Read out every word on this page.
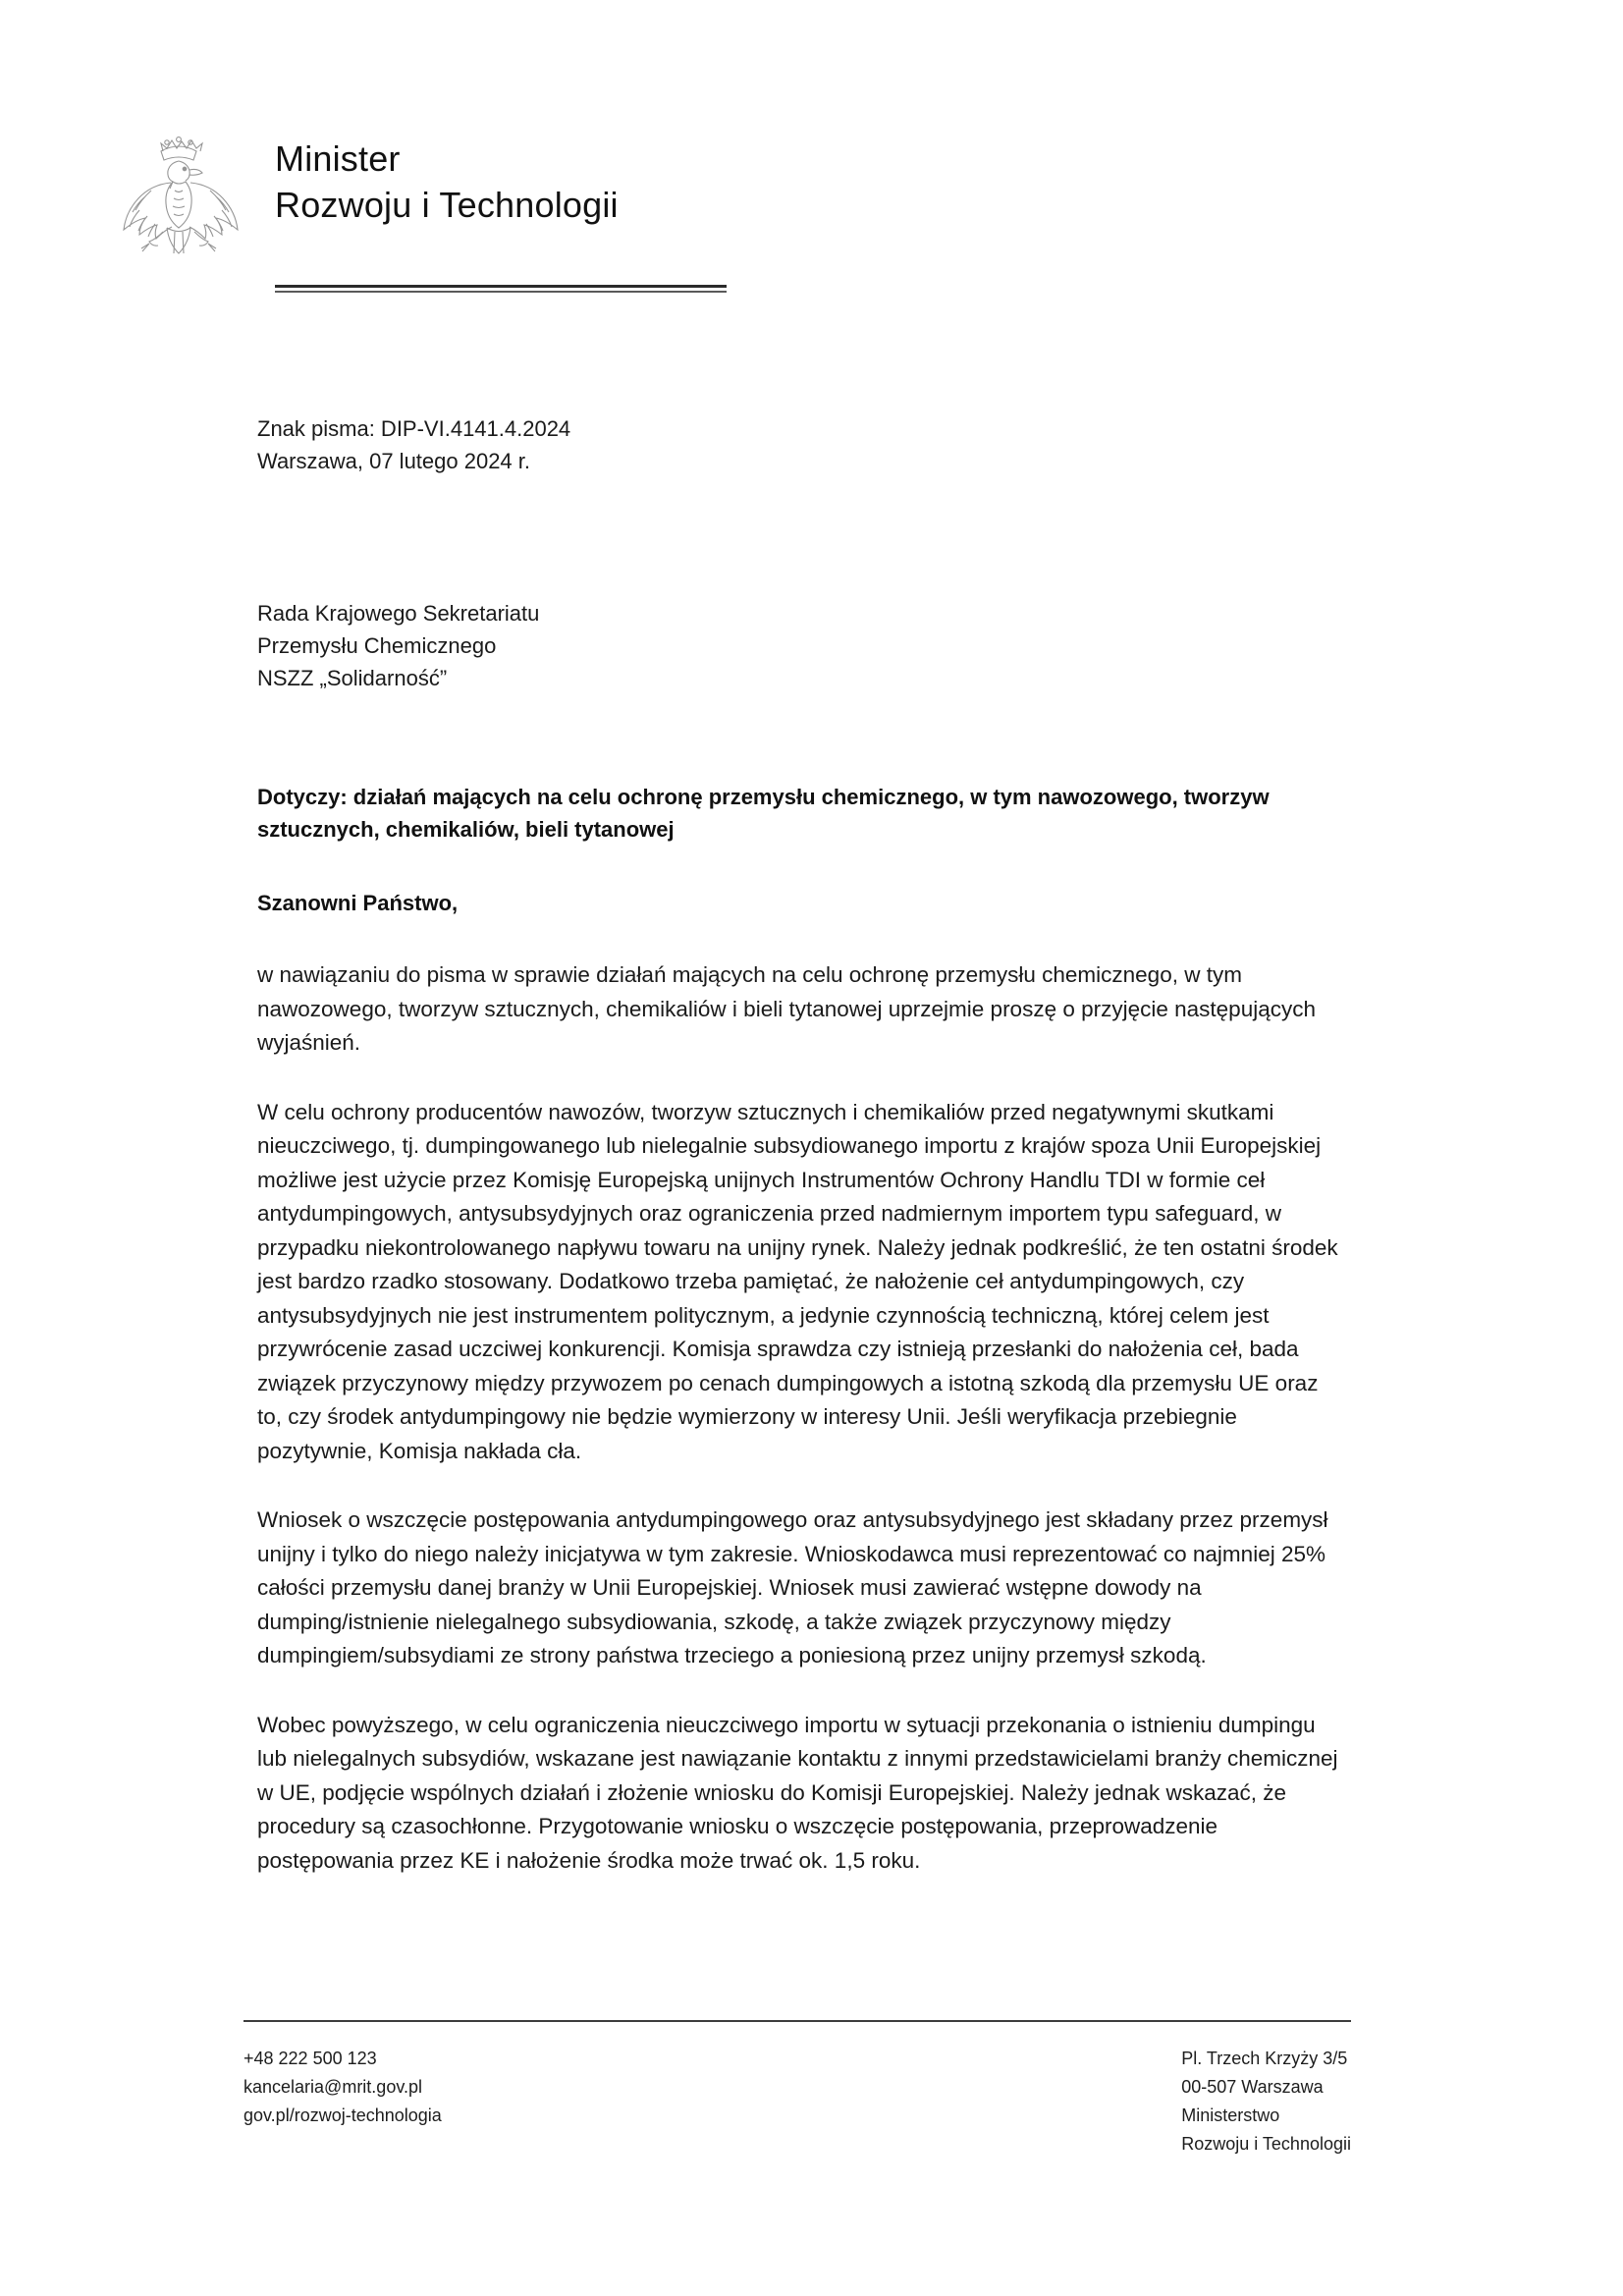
Minister
Rozwoju i Technologii
Znak pisma: DIP-VI.4141.4.2024
Warszawa, 07 lutego 2024 r.
Rada Krajowego Sekretariatu
Przemysłu Chemicznego
NSZZ „Solidarność”
Dotyczy: działań mających na celu ochronę przemysłu chemicznego, w tym nawozowego, tworzyw sztucznych, chemikaliów, bieli tytanowej
Szanowni Państwo,

w nawiązaniu do pisma w sprawie działań mających na celu ochronę przemysłu chemicznego, w tym nawozowego, tworzyw sztucznych, chemikaliów i bieli tytanowej uprzejmie proszę o przyjęcie następujących wyjaśnień.

W celu ochrony producentów nawozów, tworzyw sztucznych i chemikaliów przed negatywnymi skutkami nieuczciwego, tj. dumpingowanego lub nielegalnie subsydiowanego importu z krajów spoza Unii Europejskiej możliwe jest użycie przez Komisję Europejską unijnych Instrumentów Ochrony Handlu TDI w formie ceł antydumpingowych, antysubsydyjnych oraz ograniczenia przed nadmiernym importem typu safeguard, w przypadku niekontrolowanego napływu towaru na unijny rynek. Należy jednak podkreślić, że ten ostatni środek jest bardzo rzadko stosowany. Dodatkowo trzeba pamiętać, że nałożenie ceł antydumpingowych, czy antysubsydyjnych nie jest instrumentem politycznym, a jedynie czynnością techniczną, której celem jest przywrócenie zasad uczciwej konkurencji. Komisja sprawdza czy istnieją przesłanki do nałożenia ceł, bada związek przyczynowy między przywozem po cenach dumpingowych a istotną szkodą dla przemysłu UE oraz to, czy środek antydumpingowy nie będzie wymierzony w interesy Unii. Jeśli weryfikacja przebiegnie pozytywnie, Komisja nakłada cła.

Wniosek o wszczęcie postępowania antydumpingowego oraz antysubsydyjnego jest składany przez przemysł unijny i tylko do niego należy inicjatywa w tym zakresie. Wnioskodawca musi reprezentować co najmniej 25% całości przemysłu danej branży w Unii Europejskiej. Wniosek musi zawierać wstępne dowody na dumping/istnienie nielegalnego subsydiowania, szkodę, a także związek przyczynowy między dumpingiem/subsydiami ze strony państwa trzeciego a poniesioną przez unijny przemysł szkodą.

Wobec powyższego, w celu ograniczenia nieuczciwego importu w sytuacji przekonania o istnieniu dumpingu lub nielegalnych subsydiów, wskazane jest nawiązanie kontaktu z innymi przedstawicielami branży chemicznej w UE, podjęcie wspólnych działań i złożenie wniosku do Komisji Europejskiej. Należy jednak wskazać, że procedury są czasochłonne. Przygotowanie wniosku o wszczęcie postępowania, przeprowadzenie postępowania przez KE i nałożenie środka może trwać ok. 1,5 roku.

+48 222 500 123
kancelaria@mrit.gov.pl
gov.pl/rozwoj-technologia
Pl. Trzech Krzyży 3/5
00-507 Warszawa
Ministerstwo
Rozwoju i Technologii
